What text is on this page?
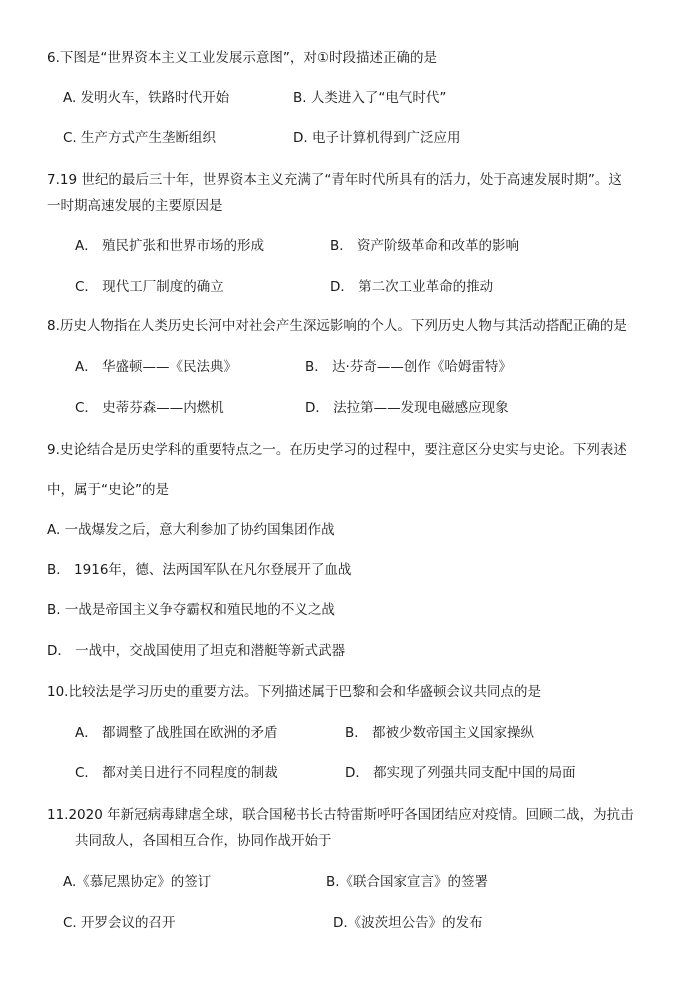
6.下图是“世界资本主义工业发展示意图”，对①时段描述正确的是
A. 发明火车，铁路时代开始	B. 人类进入了“电气时代”
C. 生产方式产生垄断组织	D. 电子计算机得到广泛应用
7.19 世纪的最后三十年，世界资本主义充满了“青年时代所具有的活力，处于高速发展时期”。这
一时期高速发展的主要原因是
A． 殖民扩张和世界市场的形成	B． 资产阶级革命和改革的影响
C． 现代工厂制度的确立	D． 第二次工业革命的推动
8.历史人物指在人类历史长河中对社会产生深远影响的个人。下列历史人物与其活动搭配正确的是
A． 华盛顿——《民法典》	B． 达·芬奇——创作《哈姆雷特》
C． 史蒂芬森——内燃机	D． 法拉第——发现电磁感应现象
9.史论结合是历史学科的重要特点之一。在历史学习的过程中，要注意区分史实与史论。下列表述
中，属于“史论”的是
A. 一战爆发之后，意大利参加了协约国集团作战
B． 1916年，德、法两国军队在凡尔登展开了血战
B. 一战是帝国主义争夺霸权和殖民地的不义之战
D． 一战中，交战国使用了坦克和潜艇等新式武器
10.比较法是学习历史的重要方法。下列描述属于巴黎和会和华盛顿会议共同点的是
A． 都调整了战胜国在欧洲的矛盾	B． 都被少数帝国主义国家操纵
C． 都对美日进行不同程度的制裁	D． 都实现了列强共同支配中国的局面
11.2020 年新冠病毒肆虐全球，联合国秘书长古特雷斯呼吁各国团结应对疫情。回顾二战，为抗击
共同敌人，各国相互合作，协同作战开始于
A.《慕尼黑协定》的签订	B.《联合国家宣言》的签署
C. 开罗会议的召开	D.《波茨坦公告》的发布
